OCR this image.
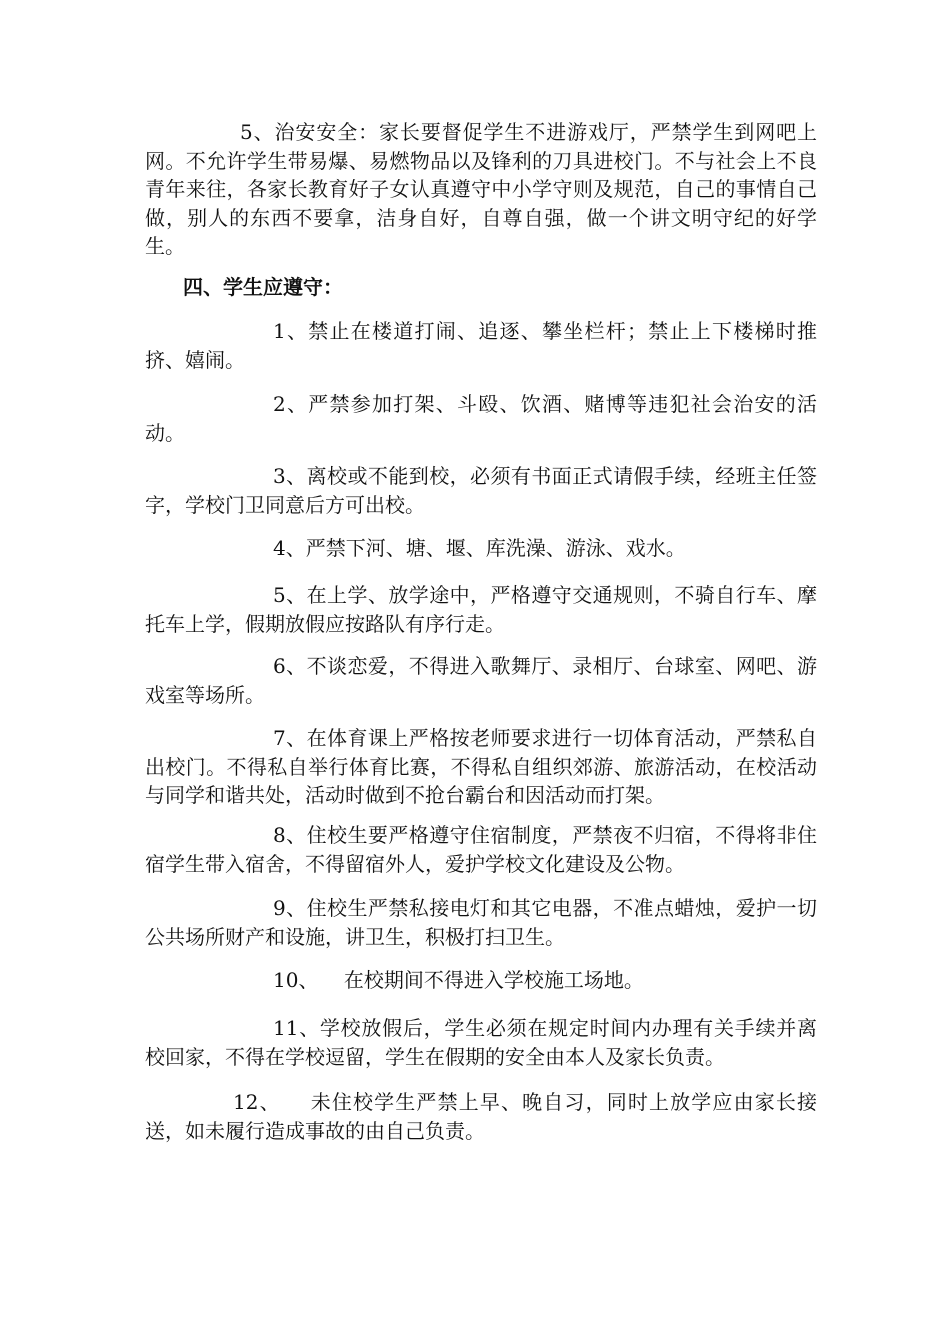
5、治安安全：家长要督促学生不进游戏厅，严禁学生到网吧上网。不允许学生带易爆、易燃物品以及锋利的刀具进校门。不与社会上不良青年来往，各家长教育好子女认真遵守中小学守则及规范，自己的事情自己做，别人的东西不要拿，洁身自好，自尊自强，做一个讲文明守纪的好学生。

四、学生应遵守：

1、禁止在楼道打闹、追逐、攀坐栏杆；禁止上下楼梯时推挤、嬉闹。

2、严禁参加打架、斗殴、饮酒、赌博等违犯社会治安的活动。

3、离校或不能到校，必须有书面正式请假手续，经班主任签字，学校门卫同意后方可出校。

4、严禁下河、塘、堰、库洗澡、游泳、戏水。

5、在上学、放学途中，严格遵守交通规则，不骑自行车、摩托车上学，假期放假应按路队有序行走。

6、不谈恋爱，不得进入歌舞厅、录相厅、台球室、网吧、游戏室等场所。

7、在体育课上严格按老师要求进行一切体育活动，严禁私自出校门。不得私自举行体育比赛，不得私自组织郊游、旅游活动，在校活动与同学和谐共处，活动时做到不抢台霸台和因活动而打架。

8、住校生要严格遵守住宿制度，严禁夜不归宿，不得将非住宿学生带入宿舍，不得留宿外人，爱护学校文化建设及公物。

9、住校生严禁私接电灯和其它电器，不准点蜡烛，爱护一切公共场所财产和设施，讲卫生，积极打扫卫生。

10、    在校期间不得进入学校施工场地。

11、学校放假后，学生必须在规定时间内办理有关手续并离校回家，不得在学校逗留，学生在假期的安全由本人及家长负责。

12、    未住校学生严禁上早、晚自习，同时上放学应由家长接送，如未履行造成事故的由自己负责。
